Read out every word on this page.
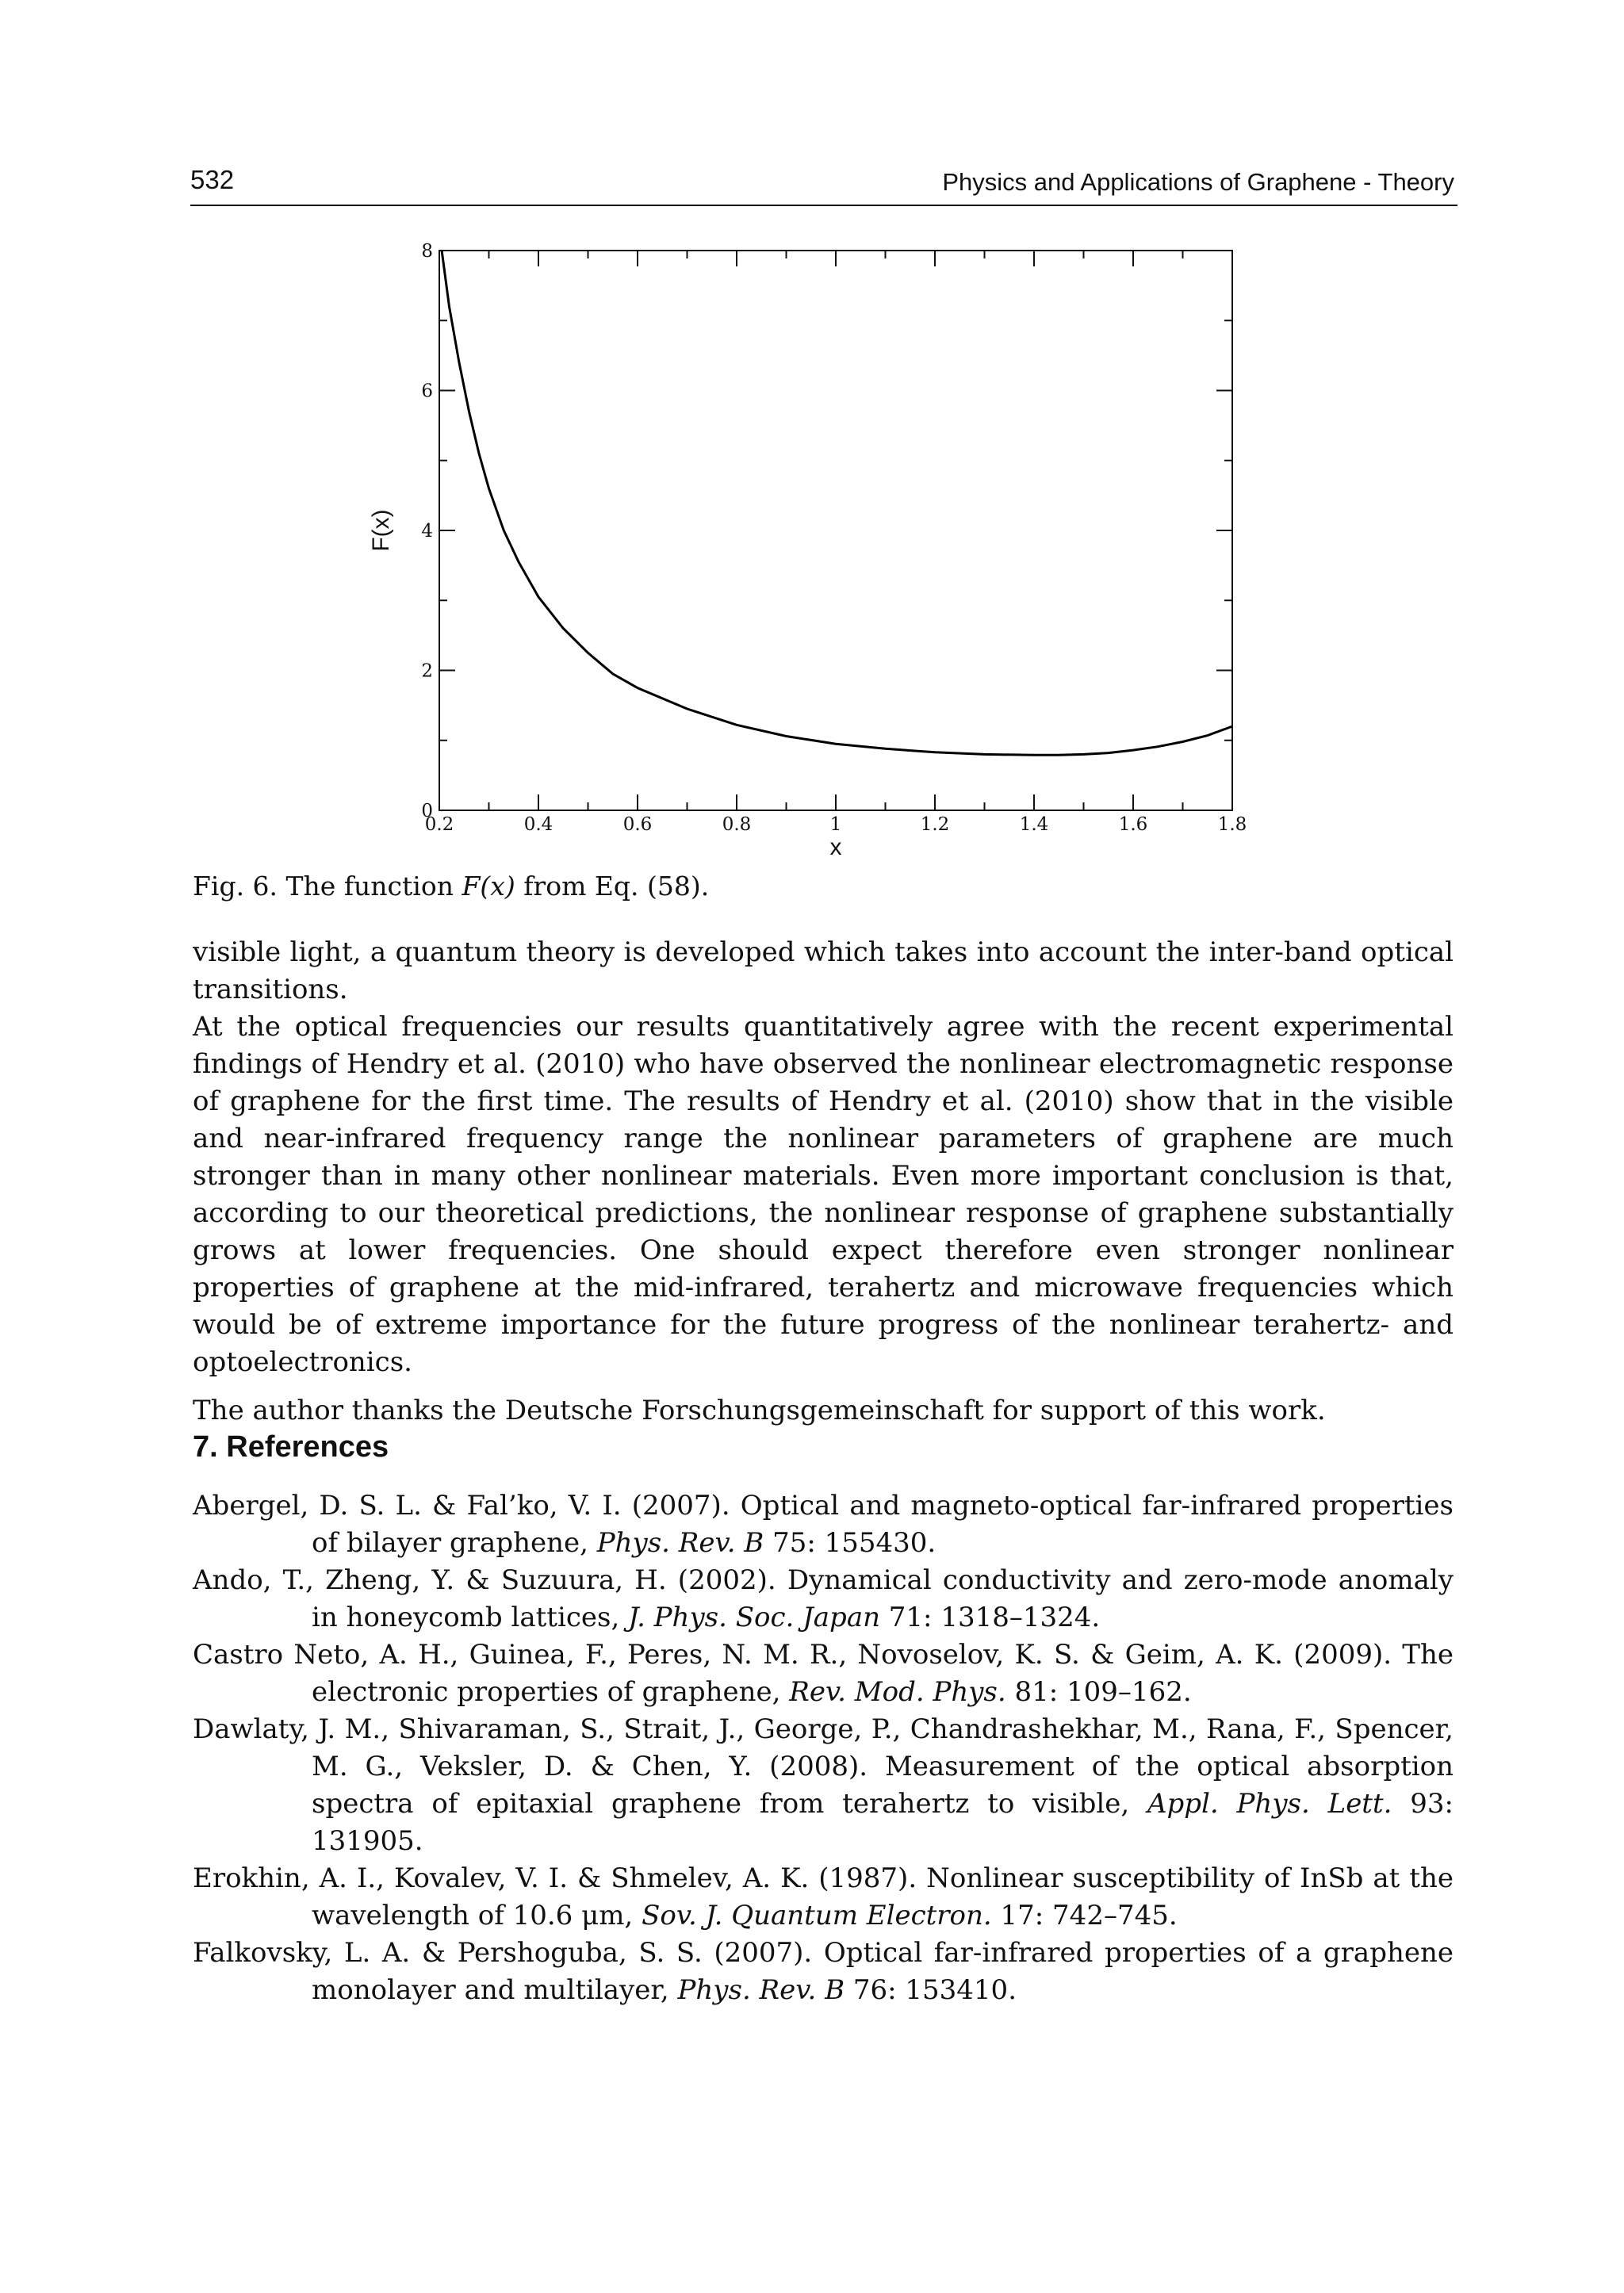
532	Physics and Applications of Graphene - Theory
0.2	0.4	0.6	0.8	1	1.2	1.4	1.6	1.8
0
2
4
6
8
x
F(x)
Fig. 6. The function F(x) from Eq. (58).

visible light, a quantum theory is developed which takes into account the inter-band optical transitions.

At the optical frequencies our results quantitatively agree with the recent experimental findings of Hendry et al. (2010) who have observed the nonlinear electromagnetic response of graphene for the first time. The results of Hendry et al. (2010) show that in the visible and near-infrared frequency range the nonlinear parameters of graphene are much stronger than in many other nonlinear materials. Even more important conclusion is that, according to our theoretical predictions, the nonlinear response of graphene substantially grows at lower frequencies. One should expect therefore even stronger nonlinear properties of graphene at the mid-infrared, terahertz and microwave frequencies which would be of extreme importance for the future progress of the nonlinear terahertz- and optoelectronics.

The author thanks the Deutsche Forschungsgemeinschaft for support of this work.

7. References

Abergel, D. S. L. & Fal’ko, V. I. (2007). Optical and magneto-optical far-infrared properties of bilayer graphene, Phys. Rev. B 75: 155430.

Ando, T., Zheng, Y. & Suzuura, H. (2002). Dynamical conductivity and zero-mode anomaly in honeycomb lattices, J. Phys. Soc. Japan 71: 1318–1324.

Castro Neto, A. H., Guinea, F., Peres, N. M. R., Novoselov, K. S. & Geim, A. K. (2009). The electronic properties of graphene, Rev. Mod. Phys. 81: 109–162.

Dawlaty, J. M., Shivaraman, S., Strait, J., George, P., Chandrashekhar, M., Rana, F., Spencer, M. G., Veksler, D. & Chen, Y. (2008). Measurement of the optical absorption spectra of epitaxial graphene from terahertz to visible, Appl. Phys. Lett. 93: 131905.

Erokhin, A. I., Kovalev, V. I. & Shmelev, A. K. (1987). Nonlinear susceptibility of InSb at the wavelength of 10.6 μm, Sov. J. Quantum Electron. 17: 742–745.

Falkovsky, L. A. & Pershoguba, S. S. (2007). Optical far-infrared properties of a graphene monolayer and multilayer, Phys. Rev. B 76: 153410.
